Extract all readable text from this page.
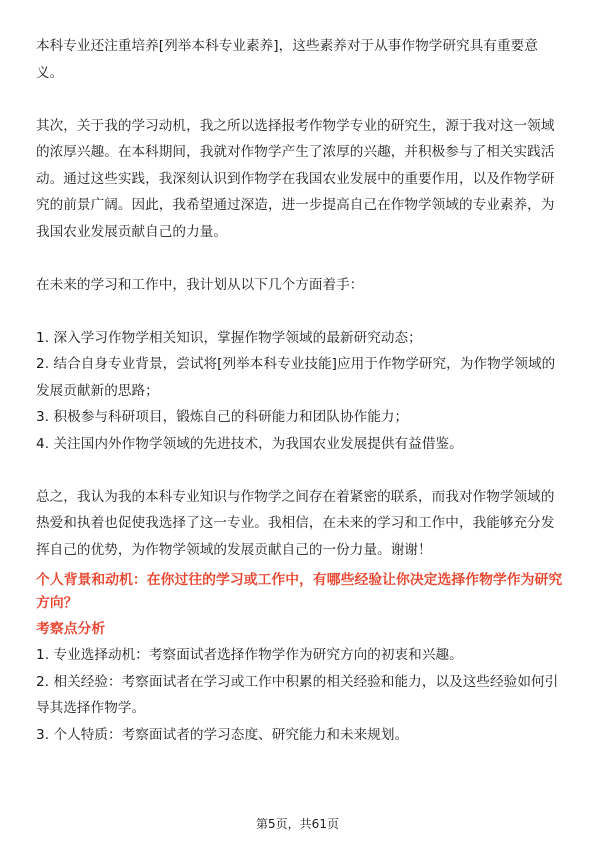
本科专业还注重培养[列举本科专业素养]，这些素养对于从事作物学研究具有重要意义。

其次，关于我的学习动机，我之所以选择报考作物学专业的研究生，源于我对这一领域的浓厚兴趣。在本科期间，我就对作物学产生了浓厚的兴趣，并积极参与了相关实践活动。通过这些实践，我深刻认识到作物学在我国农业发展中的重要作用，以及作物学研究的前景广阔。因此，我希望通过深造，进一步提高自己在作物学领域的专业素养，为我国农业发展贡献自己的力量。

在未来的学习和工作中，我计划从以下几个方面着手：

1. 深入学习作物学相关知识，掌握作物学领域的最新研究动态；

2. 结合自身专业背景，尝试将[列举本科专业技能]应用于作物学研究，为作物学领域的发展贡献新的思路；

3. 积极参与科研项目，锻炼自己的科研能力和团队协作能力；

4. 关注国内外作物学领域的先进技术，为我国农业发展提供有益借鉴。

总之，我认为我的本科专业知识与作物学之间存在着紧密的联系，而我对作物学领域的热爱和执着也促使我选择了这一专业。我相信，在未来的学习和工作中，我能够充分发挥自己的优势，为作物学领域的发展贡献自己的一份力量。谢谢！

个人背景和动机：在你过往的学习或工作中，有哪些经验让你决定选择作物学作为研究方向？

考察点分析

1. 专业选择动机：考察面试者选择作物学作为研究方向的初衷和兴趣。

2. 相关经验：考察面试者在学习或工作中积累的相关经验和能力，以及这些经验如何引导其选择作物学。

3. 个人特质：考察面试者的学习态度、研究能力和未来规划。

第5页，共61页
